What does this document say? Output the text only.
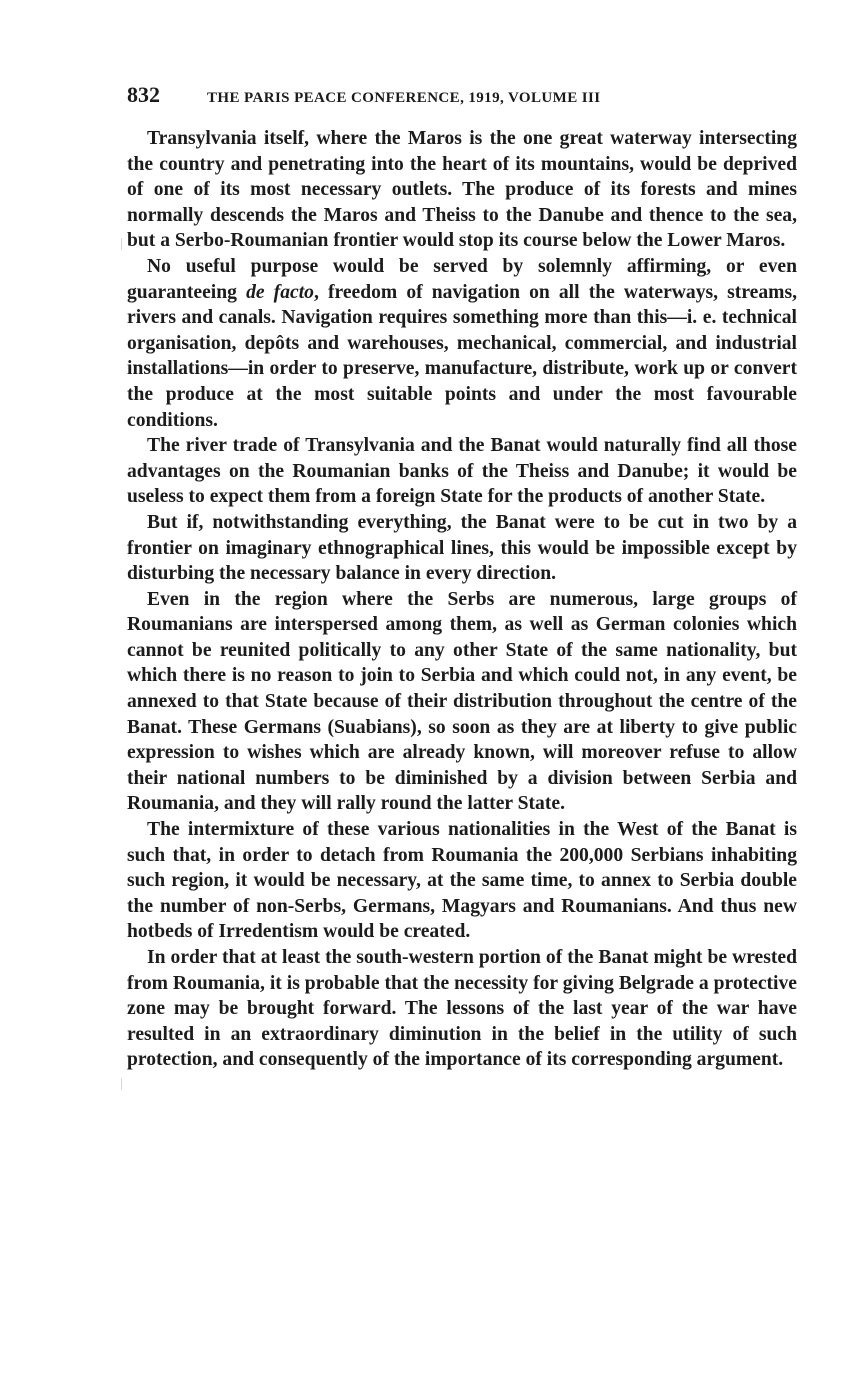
832	THE PARIS PEACE CONFERENCE, 1919, VOLUME III

Transylvania itself, where the Maros is the one great waterway intersecting the country and penetrating into the heart of its mountains, would be deprived of one of its most necessary outlets. The produce of its forests and mines normally descends the Maros and Theiss to the Danube and thence to the sea, but a Serbo-Roumanian frontier would stop its course below the Lower Maros.

No useful purpose would be served by solemnly affirming, or even guaranteeing de facto, freedom of navigation on all the waterways, streams, rivers and canals. Navigation requires something more than this—i. e. technical organisation, depôts and warehouses, mechanical, commercial, and industrial installations—in order to preserve, manufacture, distribute, work up or convert the produce at the most suitable points and under the most favourable conditions.

The river trade of Transylvania and the Banat would naturally find all those advantages on the Roumanian banks of the Theiss and Danube; it would be useless to expect them from a foreign State for the products of another State.

But if, notwithstanding everything, the Banat were to be cut in two by a frontier on imaginary ethnographical lines, this would be impossible except by disturbing the necessary balance in every direction.

Even in the region where the Serbs are numerous, large groups of Roumanians are interspersed among them, as well as German colonies which cannot be reunited politically to any other State of the same nationality, but which there is no reason to join to Serbia and which could not, in any event, be annexed to that State because of their distribution throughout the centre of the Banat. These Germans (Suabians), so soon as they are at liberty to give public expression to wishes which are already known, will moreover refuse to allow their national numbers to be diminished by a division between Serbia and Roumania, and they will rally round the latter State.

The intermixture of these various nationalities in the West of the Banat is such that, in order to detach from Roumania the 200,000 Serbians inhabiting such region, it would be necessary, at the same time, to annex to Serbia double the number of non-Serbs, Germans, Magyars and Roumanians. And thus new hotbeds of Irredentism would be created.

In order that at least the south-western portion of the Banat might be wrested from Roumania, it is probable that the necessity for giving Belgrade a protective zone may be brought forward. The lessons of the last year of the war have resulted in an extraordinary diminution in the belief in the utility of such protection, and consequently of the importance of its corresponding argument.
